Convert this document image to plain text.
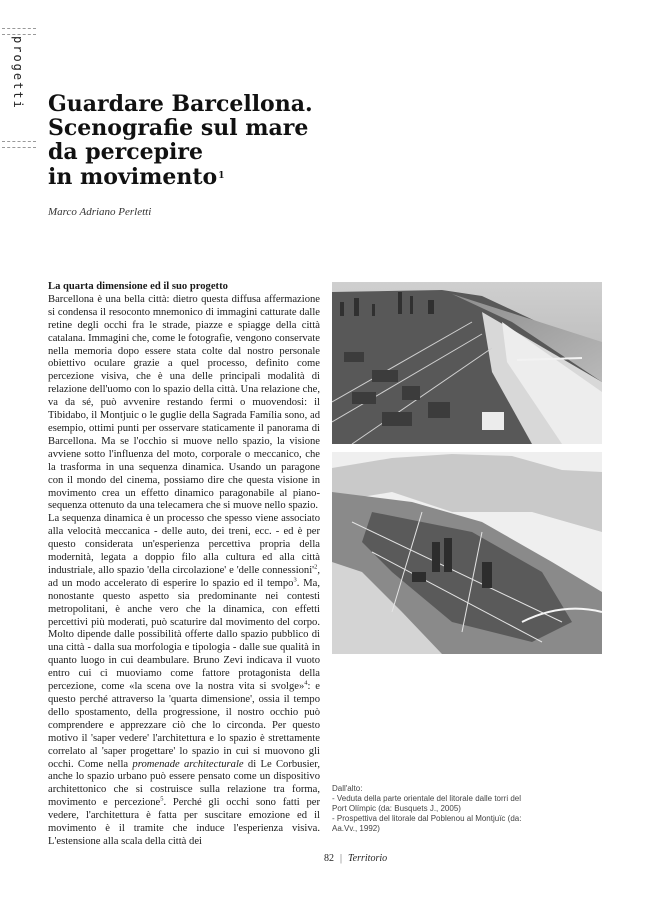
progetti Guardare Barcellona.
Scenografie sul mare
da percepire
in movimento$^1$
Marco Adriano Perletti

La quarta dimensione ed il suo progetto

Barcellona è una bella città: dietro questa diffusa affermazione si condensa il resoconto mnemonico di immagini catturate dalle retine degli occhi fra le strade, piazze e spiagge della città catalana. Immagini che, come le fotografie, vengono conservate nella memoria dopo essere stata colte dal nostro personale obiettivo oculare grazie a quel processo, definito come percezione visiva, che è una delle principali modalità di relazione dell'uomo con lo spazio della città. Una relazione che, va da sé, può avvenire restando fermi o muovendosi: il Tibidabo, il Montjuic o le guglie della Sagrada Família sono, ad esempio, ottimi punti per osservare staticamente il panorama di Barcellona. Ma se l'occhio si muove nello spazio, la visione avviene sotto l'influenza del moto, corporale o meccanico, che la trasforma in una sequenza dinamica. Usando un paragone con il mondo del cinema, possiamo dire che questa visione in movimento crea un effetto dinamico paragonabile al piano-sequenza ottenuto da una telecamera che si muove nello spazio.

La sequenza dinamica è un processo che spesso viene associato alla velocità meccanica - delle auto, dei treni, ecc. - ed è per questo considerata un'esperienza percettiva propria della modernità, legata a doppio filo alla cultura ed alla città industriale, allo spazio 'della circolazione' e 'delle $connessioni'^2$, ad un modo accelerato di esperire lo spazio ed il tempo$^3$. Ma, nonostante questo aspetto sia predominante nei contesti metropolitani, è anche vero che la dinamica, con effetti percettivi più moderati, può scaturire dal movimento del corpo. Molto dipende dalle possibilità offerte dallo spazio pubblico di una città - dalla sua morfologia e tipologia - dalle sue qualità in quanto luogo in cui deambulare. Bruno Zevi indicava il vuoto entro cui ci muoviamo come fattore protagonista della percezione, come «la scena ove la nostra vita si svolge»$^4$: e questo perché attraverso la 'quarta dimensione', ossia il tempo dello spostamento, della progressione, il nostro occhio può comprendere e apprezzare ciò che lo circonda. Per questo motivo il 'saper vedere' l'architettura e lo spazio è strettamente correlato al 'saper progettare' lo spazio in cui si muovono gli occhi. Come nella promenade architecturale di Le Corbusier, anche lo spazio urbano può essere pensato come un dispositivo architettonico che si costruisce sulla relazione tra forma, movimento e percezione$^5$. Perché gli occhi sono fatti per vedere, l'architettura è fatta per suscitare emozione ed il movimento è il tramite che induce l'esperienza visiva. L'estensione alla scala della città dei

Dall'alto:
- Veduta della parte orientale del litorale dalle torri del Port Olímpic (da: Busquets J., 2005)
- Prospettiva del litorale dal Poblenou al Montjuïc (da: Aa.Vv., 1992)
82 | Territorio
